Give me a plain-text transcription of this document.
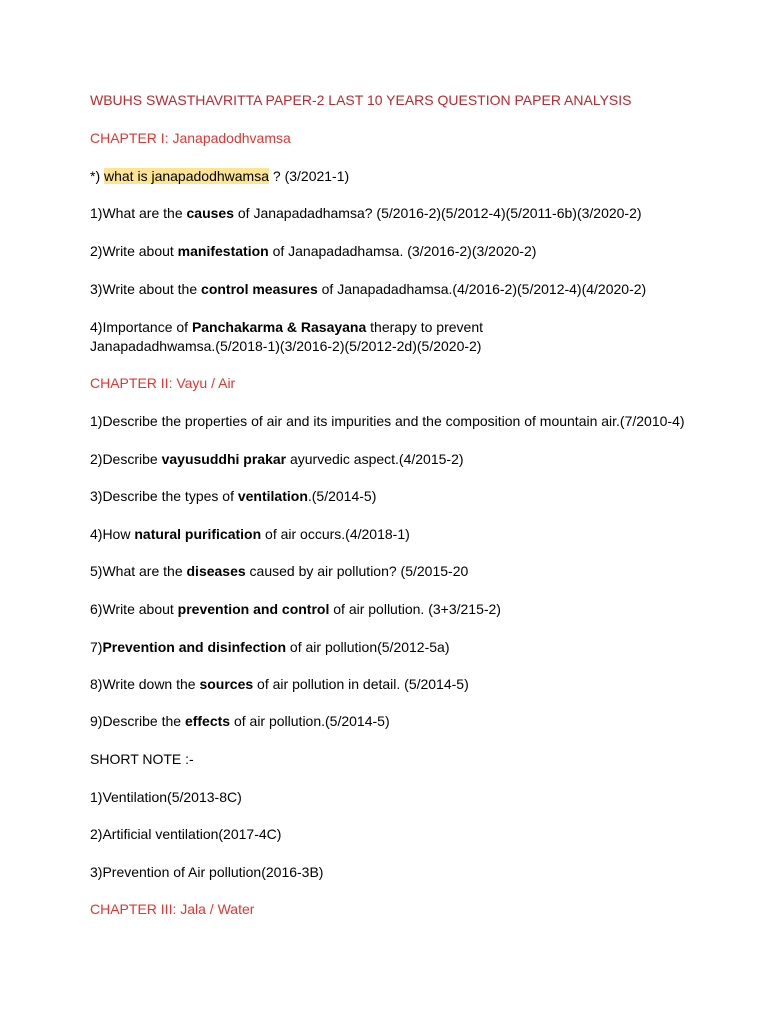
WBUHS SWASTHAVRITTA PAPER-2 LAST 10 YEARS QUESTION PAPER ANALYSIS
CHAPTER I: Janapadodhvamsa
*) what is janapadodhwamsa ? (3/2021-1)
1)What are the causes of Janapadadhamsa? (5/2016-2)(5/2012-4)(5/2011-6b)(3/2020-2)
2)Write about manifestation of Janapadadhamsa. (3/2016-2)(3/2020-2)
3)Write about the control measures of Janapadadhamsa.(4/2016-2)(5/2012-4)(4/2020-2)
4)Importance of Panchakarma & Rasayana therapy to prevent
Janapadadhwamsa.(5/2018-1)(3/2016-2)(5/2012-2d)(5/2020-2)
CHAPTER II: Vayu / Air
1)Describe the properties of air and its impurities and the composition of mountain air.(7/2010-4)
2)Describe vayusuddhi prakar ayurvedic aspect.(4/2015-2)
3)Describe the types of ventilation.(5/2014-5)
4)How natural purification of air occurs.(4/2018-1)
5)What are the diseases caused by air pollution? (5/2015-20
6)Write about prevention and control of air pollution. (3+3/215-2)
7)Prevention and disinfection of air pollution(5/2012-5a)
8)Write down the sources of air pollution in detail. (5/2014-5)
9)Describe the effects of air pollution.(5/2014-5)
SHORT NOTE :-
1)Ventilation(5/2013-8C)
2)Artificial ventilation(2017-4C)
3)Prevention of Air pollution(2016-3B)
CHAPTER III: Jala / Water
